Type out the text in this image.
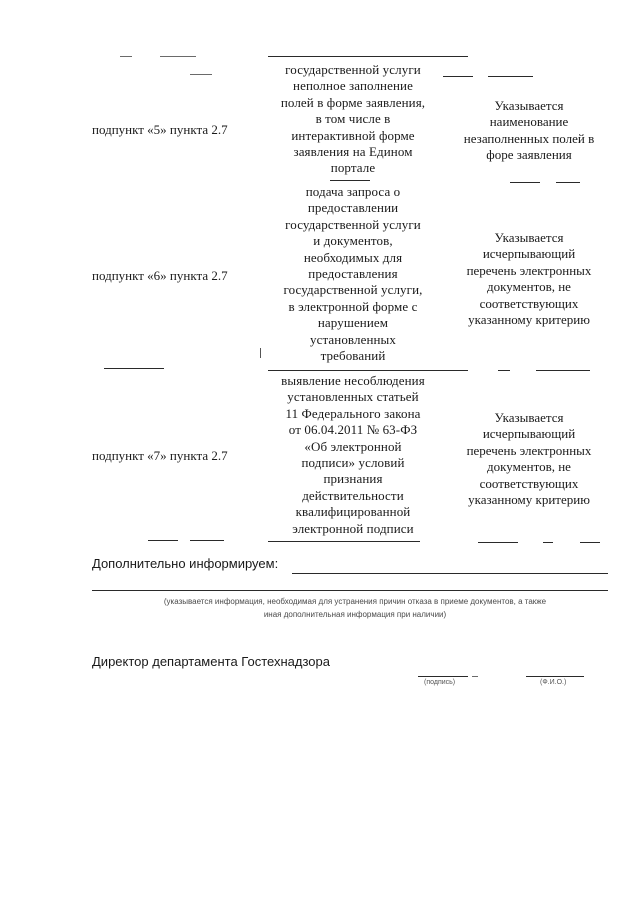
государственной услуги
неполное заполнение
полей в форме заявления,
в том числе в
интерактивной форме
заявления на Едином
портале
подпункт «5» пункта 2.7
Указывается
наименование
незаполненных полей в
форе заявления
подача запроса о
предоставлении
государственной услуги
и документов,
необходимых для
предоставления
государственной услуги,
в электронной форме с
нарушением
установленных
требований
подпункт «6» пункта 2.7
Указывается
исчерпывающий
перечень электронных
документов, не
соответствующих
указанному критерию
выявление несоблюдения
установленных статьей
11 Федерального закона
от 06.04.2011 № 63-ФЗ
«Об электронной
подписи» условий
признания
действительности
квалифицированной
электронной подписи
подпункт «7» пункта 2.7
Указывается
исчерпывающий
перечень электронных
документов, не
соответствующих
указанному критерию
Дополнительно информируем:
(указывается информация, необходимая для устранения причин отказа в приеме документов, а также
иная дополнительная информация при наличии)
Директор департамента Гостехнадзора
(подпись)	(Ф.И.О.)
